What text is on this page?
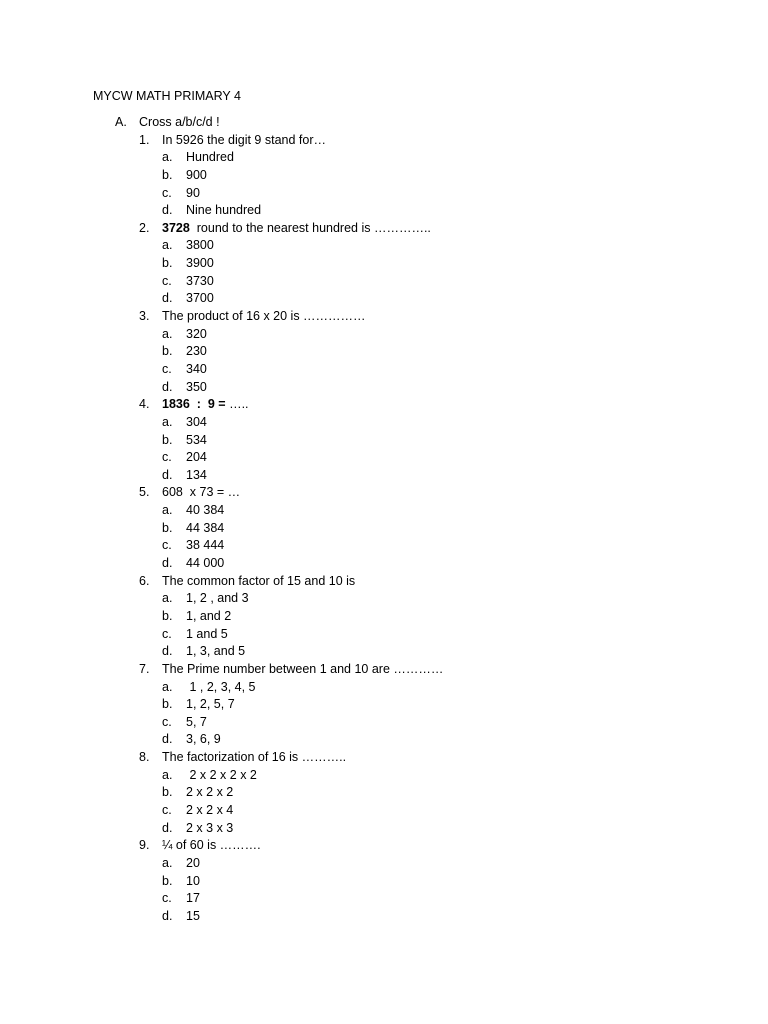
MYCW MATH PRIMARY 4
A. Cross a/b/c/d !
1. In 5926 the digit 9 stand for…
a. Hundred
b. 900
c. 90
d. Nine hundred
2. 3728  round to the nearest hundred is …………..
a. 3800
b. 3900
c. 3730
d. 3700
3. The product of 16 x 20 is ……………
a. 320
b. 230
c. 340
d. 350
4. 1836  :  9 = …..
a. 304
b. 534
c. 204
d. 134
5. 608  x 73 = …
a. 40 384
b. 44 384
c. 38 444
d. 44 000
6. The common factor of 15 and 10 is
a. 1, 2 , and 3
b. 1, and 2
c. 1 and 5
d. 1, 3, and 5
7. The Prime number between 1 and 10 are …………
a. 1 , 2, 3, 4, 5
b. 1, 2, 5, 7
c. 5, 7
d. 3, 6, 9
8. The factorization of 16 is ………..
a. 2 x 2 x 2 x 2
b. 2 x 2 x 2
c. 2 x 2 x 4
d. 2 x 3 x 3
9. ¼ of 60 is ……….
a. 20
b. 10
c. 17
d. 15
